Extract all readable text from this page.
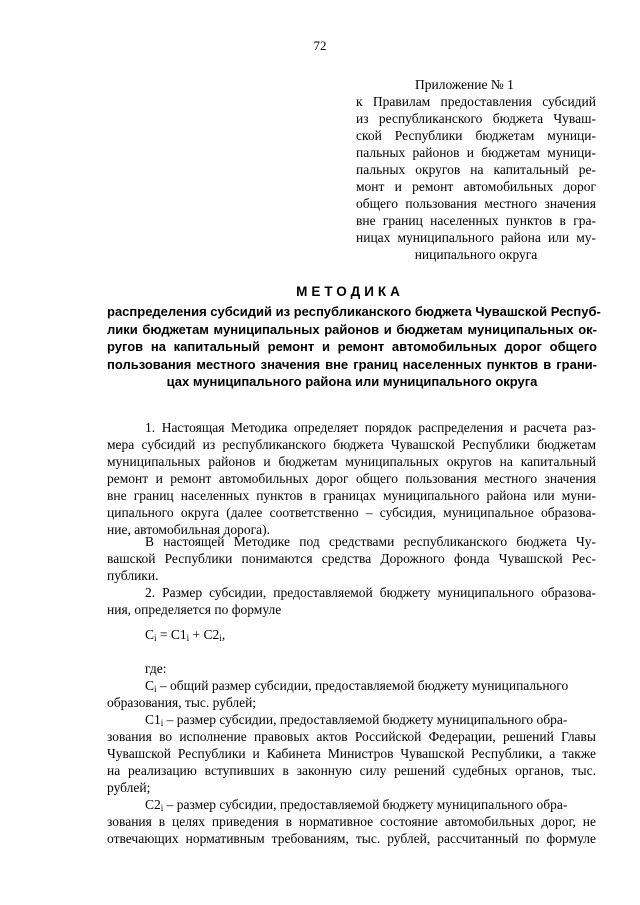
72
Приложение № 1
к Правилам предоставления субсидий
из республиканского бюджета Чуваш-
ской Республики бюджетам муници-
пальных районов и бюджетам муници-
пальных округов на капитальный ре-
монт и ремонт автомобильных дорог
общего пользования местного значения
вне границ населенных пунктов в гра-
ницах муниципального района или му-
ниципального округа
МЕТОДИКА
распределения субсидий из республиканского бюджета Чувашской Респуб-
лики бюджетам муниципальных районов и бюджетам муниципальных ок-
ругов на капитальный ремонт и ремонт автомобильных дорог общего
пользования местного значения вне границ населенных пунктов в грани-
цах муниципального района или муниципального округа
1. Настоящая Методика определяет порядок распределения и расчета раз-
мера субсидий из республиканского бюджета Чувашской Республики бюджетам
муниципальных районов и бюджетам муниципальных округов на капитальный
ремонт и ремонт автомобильных дорог общего пользования местного значения
вне границ населенных пунктов в границах муниципального района или муни-
ципального округа (далее соответственно – субсидия, муниципальное образова-
ние, автомобильная дорога).
В настоящей Методике под средствами республиканского бюджета Чу-
вашской Республики понимаются средства Дорожного фонда Чувашской Рес-
публики.
2. Размер субсидии, предоставляемой бюджету муниципального образова-
ния, определяется по формуле
$C_i = C1_i + C2_i$,
где:
$C_i$ – общий размер субсидии, предоставляемой бюджету муниципального
образования, тыс. рублей;
$C1_i$ – размер субсидии, предоставляемой бюджету муниципального обра-
зования во исполнение правовых актов Российской Федерации, решений Главы
Чувашской Республики и Кабинета Министров Чувашской Республики, а также
на реализацию вступивших в законную силу решений судебных органов, тыс.
рублей;
$C2_i$ – размер субсидии, предоставляемой бюджету муниципального обра-
зования в целях приведения в нормативное состояние автомобильных дорог, не
отвечающих нормативным требованиям, тыс. рублей, рассчитанный по формуле
